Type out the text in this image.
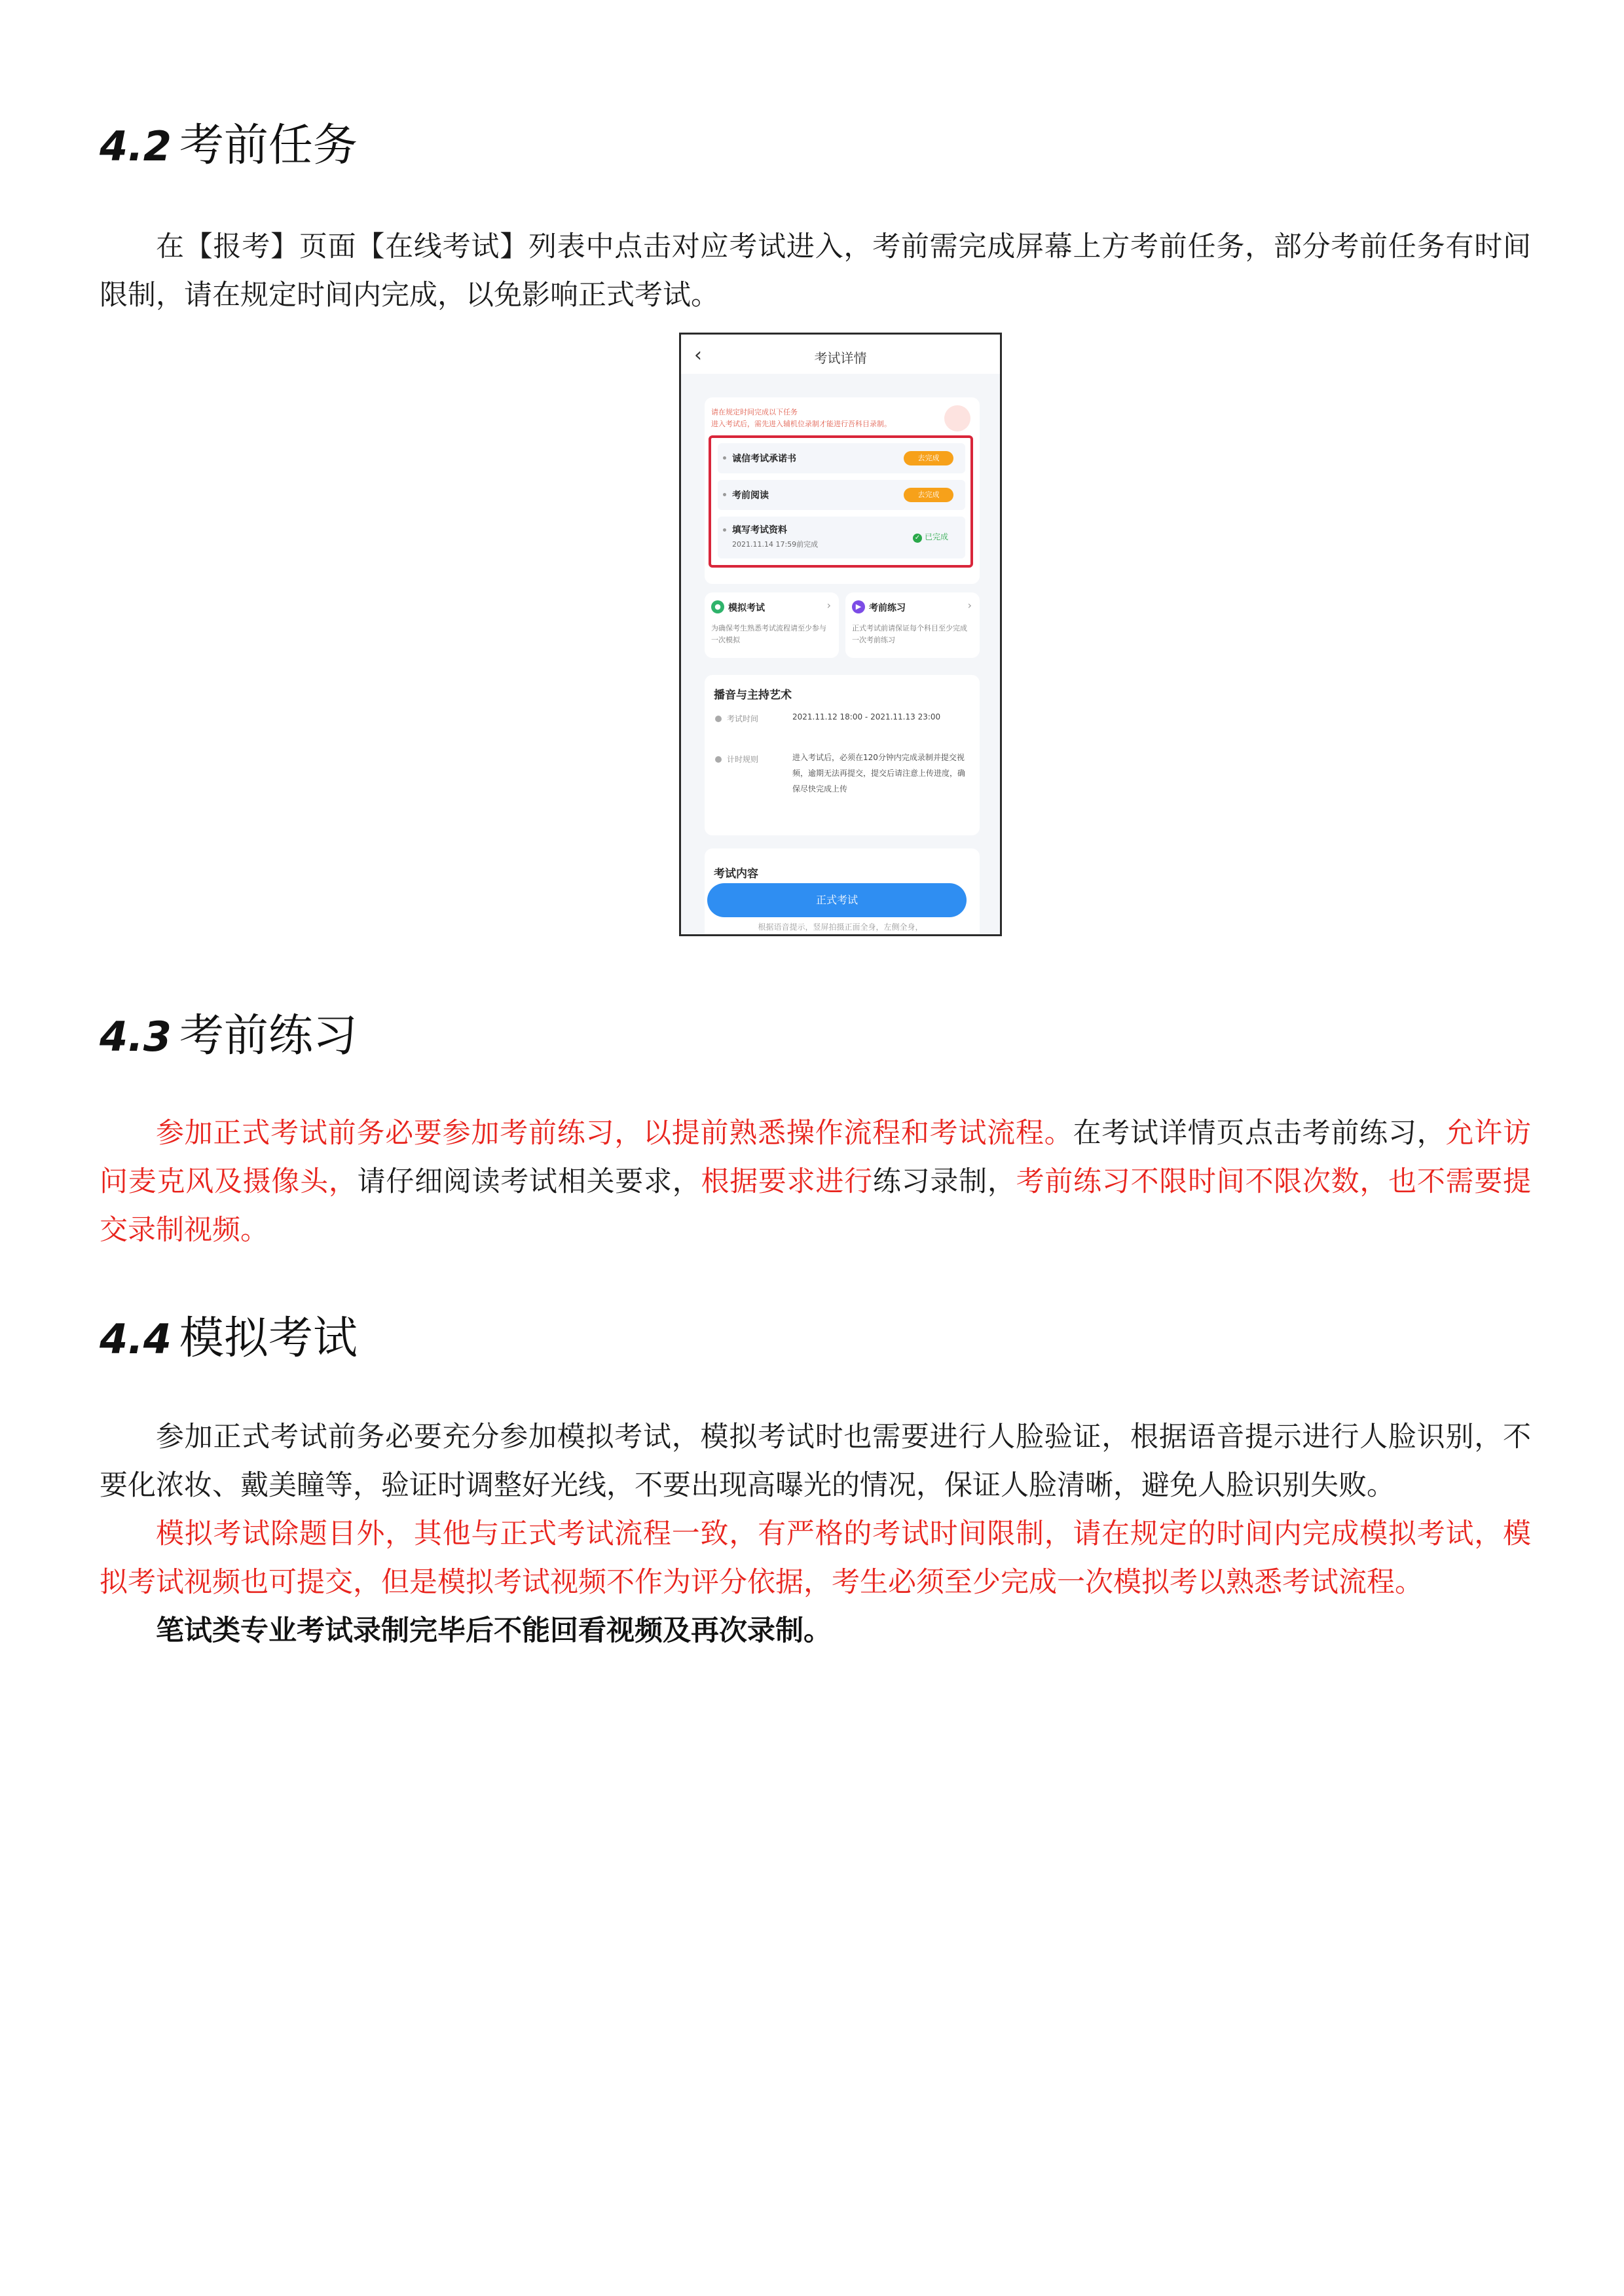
4.2 考前任务

在【报考】页面【在线考试】列表中点击对应考试进入，考前需完成屏幕上方考前任务，部分考前任务有时间限制，请在规定时间内完成，以免影响正式考试。

‹	考试详情
请在规定时间完成以下任务
进入考试后，需先进入辅机位录制才能进行吾科目录制。
诚信考试承诺书	去完成
考前阅读	去完成
填写考试资料
2021.11.14 17:59前完成
✓ 已完成
● 模拟考试	›
为确保考生熟悉考试流程请至少参与一次模拟
▶ 考前练习	›
正式考试前请保证每个科目至少完成一次考前练习
播音与主持艺术
考试时间	2021.11.12 18:00 - 2021.11.13 23:00
计时规则	进入考试后，必须在120分钟内完成录制并提交视频，逾期无法再提交，提交后请注意上传进度，确保尽快完成上传
考试内容
正式考试
根据语音提示，竖屏拍摄正面全身，左侧全身，
4.3 考前练习

参加正式考试前务必要参加考前练习，以提前熟悉操作流程和考试流程。在考试详情页点击考前练习，允许访问麦克风及摄像头，请仔细阅读考试相关要求，根据要求进行练习录制，考前练习不限时间不限次数，也不需要提交录制视频。

4.4 模拟考试

参加正式考试前务必要充分参加模拟考试，模拟考试时也需要进行人脸验证，根据语音提示进行人脸识别，不要化浓妆、戴美瞳等，验证时调整好光线，不要出现高曝光的情况，保证人脸清晰，避免人脸识别失败。

模拟考试除题目外，其他与正式考试流程一致，有严格的考试时间限制，请在规定的时间内完成模拟考试，模拟考试视频也可提交，但是模拟考试视频不作为评分依据，考生必须至少完成一次模拟考以熟悉考试流程。

笔试类专业考试录制完毕后不能回看视频及再次录制。
